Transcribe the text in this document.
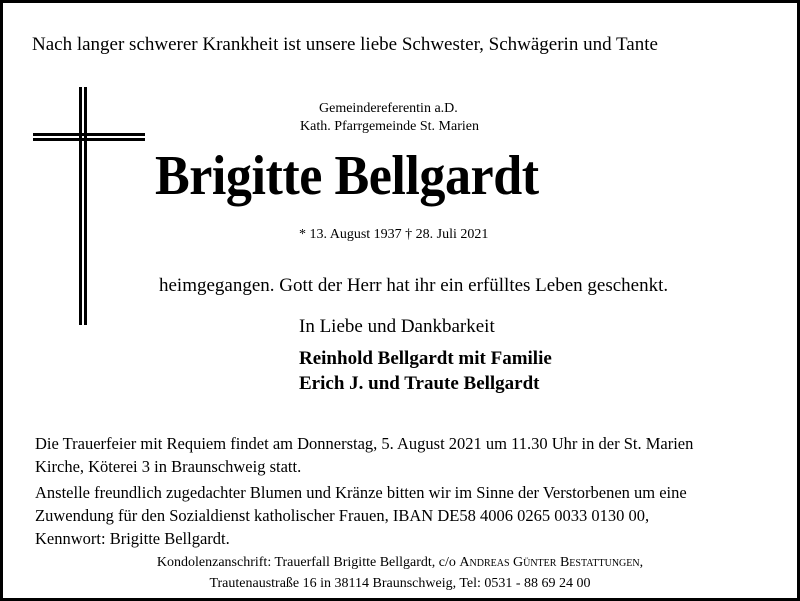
Nach langer schwerer Krankheit ist unsere liebe Schwester, Schwägerin und Tante
Gemeindereferentin a.D.
Kath. Pfarrgemeinde St. Marien
Brigitte Bellgardt
* 13. August 1937 † 28. Juli 2021
heimgegangen. Gott der Herr hat ihr ein erfülltes Leben geschenkt.
In Liebe und Dankbarkeit
Reinhold Bellgardt mit Familie
Erich J. und Traute Bellgardt
Die Trauerfeier mit Requiem findet am Donnerstag, 5. August 2021 um 11.30 Uhr in der St. Marien
Kirche, Köterei 3 in Braunschweig statt.
Anstelle freundlich zugedachter Blumen und Kränze bitten wir im Sinne der Verstorbenen um eine
Zuwendung für den Sozialdienst katholischer Frauen, IBAN DE58 4006 0265 0033 0130 00,
Kennwort: Brigitte Bellgardt.
Kondolenzanschrift: Trauerfall Brigitte Bellgardt, c/o Andreas Günter Bestattungen,
Trautenaustraße 16 in 38114 Braunschweig, Tel: 0531 - 88 69 24 00
